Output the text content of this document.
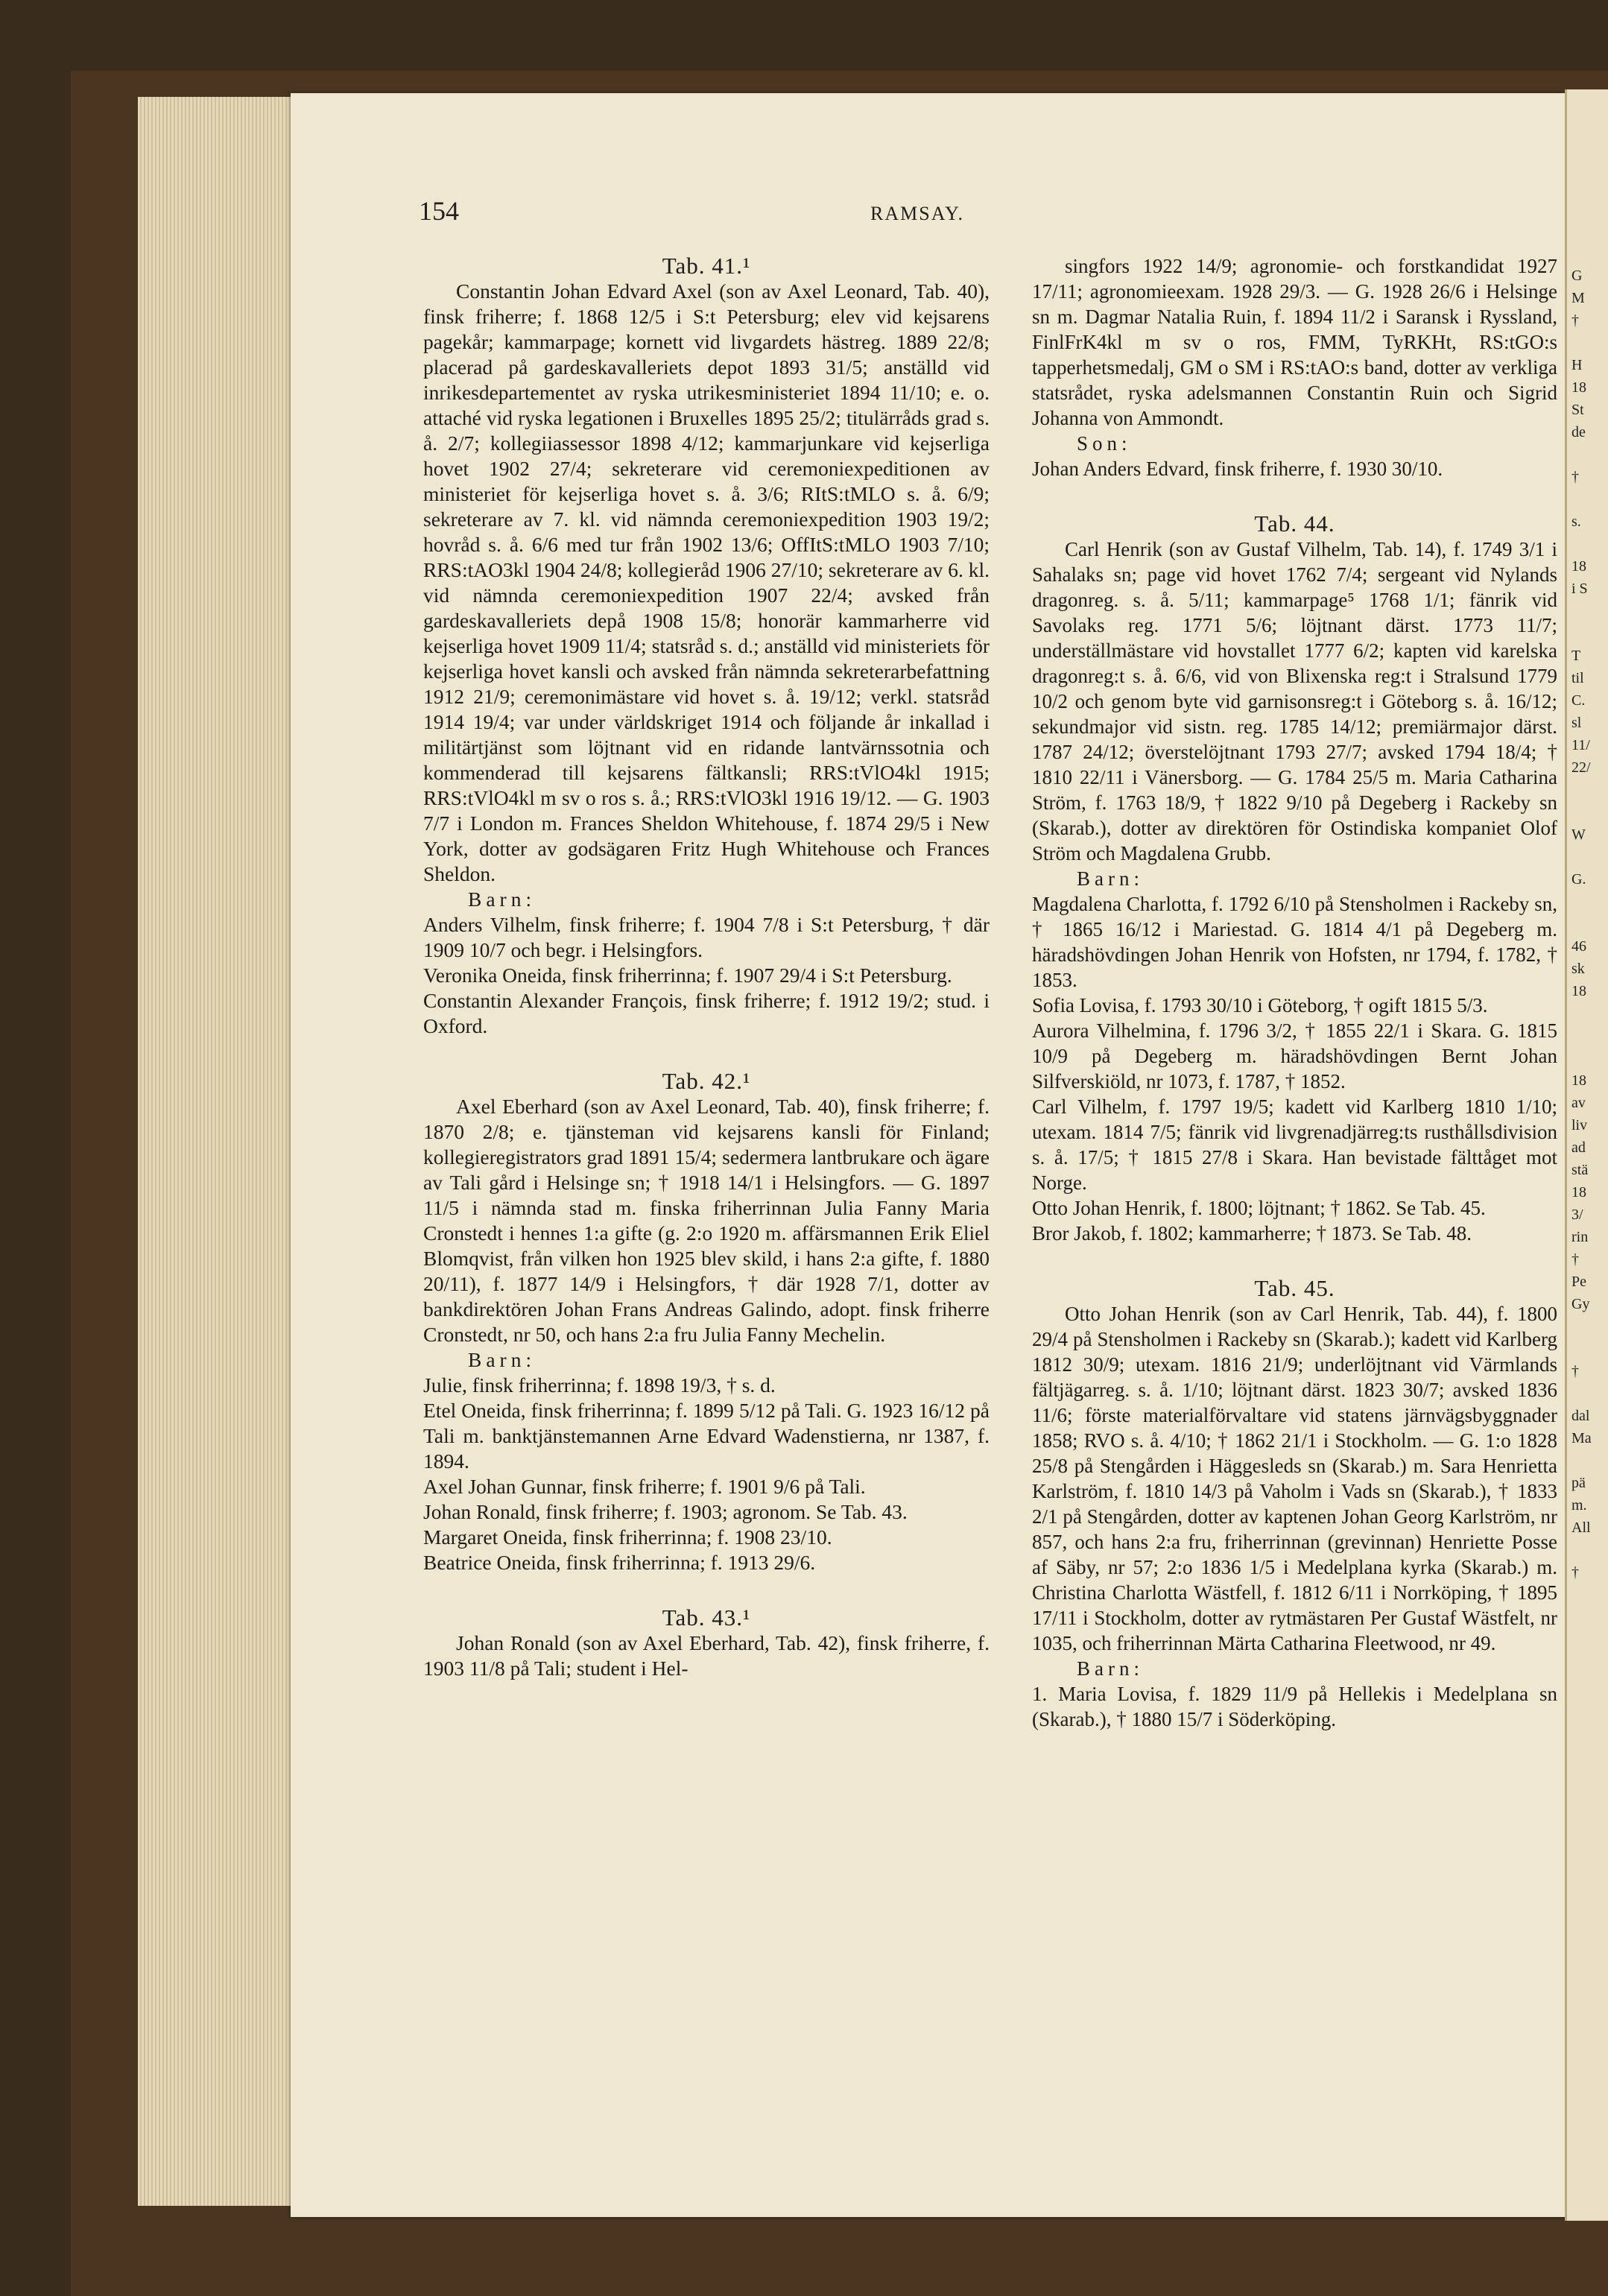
G
M
†

H
18
St
de

†

s.

18
i S

T
til
C.
sl
11/
22/

W

G.

46
sk
18

18
av
liv
ad
stä
18
3/
rin
†
Pe
Gy

†

dal
Ma

pä
m.
All

†
154	RAMSAY.

Tab. 41.¹

Constantin Johan Edvard Axel (son av Axel Leonard, Tab. 40), finsk friherre; f. 1868 12/5 i S:t Petersburg; elev vid kejsarens pagekår; kammarpage; kornett vid livgardets hästreg. 1889 22/8; placerad på gardeskavalleriets depot 1893 31/5; anställd vid inrikesdepartementet av ryska utrikesministeriet 1894 11/10; e. o. attaché vid ryska legationen i Bruxelles 1895 25/2; titulärråds grad s. å. 2/7; kollegiiassessor 1898 4/12; kammarjunkare vid kejserliga hovet 1902 27/4; sekreterare vid ceremoniexpeditionen av ministeriet för kejserliga hovet s. å. 3/6; RItS:tMLO s. å. 6/9; sekreterare av 7. kl. vid nämnda ceremoniexpedition 1903 19/2; hovråd s. å. 6/6 med tur från 1902 13/6; OffItS:tMLO 1903 7/10; RRS:tAO3kl 1904 24/8; kollegieråd 1906 27/10; sekreterare av 6. kl. vid nämnda ceremoniexpedition 1907 22/4; avsked från gardeskavalleriets depå 1908 15/8; honorär kammarherre vid kejserliga hovet 1909 11/4; statsråd s. d.; anställd vid ministeriets för kejserliga hovet kansli och avsked från nämnda sekreterarbefattning 1912 21/9; ceremonimästare vid hovet s. å. 19/12; verkl. statsråd 1914 19/4; var under världskriget 1914 och följande år inkallad i militärtjänst som löjtnant vid en ridande lantvärnssotnia och kommenderad till kejsarens fältkansli; RRS:tVlO4kl 1915; RRS:tVlO4kl m sv o ros s. å.; RRS:tVlO3kl 1916 19/12. — G. 1903 7/7 i London m. Frances Sheldon Whitehouse, f. 1874 29/5 i New York, dotter av godsägaren Fritz Hugh Whitehouse och Frances Sheldon.

Barn:

Anders Vilhelm, finsk friherre; f. 1904 7/8 i S:t Petersburg, † där 1909 10/7 och begr. i Helsingfors.

Veronika Oneida, finsk friherrinna; f. 1907 29/4 i S:t Petersburg.

Constantin Alexander François, finsk friherre; f. 1912 19/2; stud. i Oxford.

Tab. 42.¹

Axel Eberhard (son av Axel Leonard, Tab. 40), finsk friherre; f. 1870 2/8; e. tjänsteman vid kejsarens kansli för Finland; kollegieregistrators grad 1891 15/4; sedermera lantbrukare och ägare av Tali gård i Helsinge sn; † 1918 14/1 i Helsingfors. — G. 1897 11/5 i nämnda stad m. finska friherrinnan Julia Fanny Maria Cronstedt i hennes 1:a gifte (g. 2:o 1920 m. affärsmannen Erik Eliel Blomqvist, från vilken hon 1925 blev skild, i hans 2:a gifte, f. 1880 20/11), f. 1877 14/9 i Helsingfors, † där 1928 7/1, dotter av bankdirektören Johan Frans Andreas Galindo, adopt. finsk friherre Cronstedt, nr 50, och hans 2:a fru Julia Fanny Mechelin.

Barn:

Julie, finsk friherrinna; f. 1898 19/3, † s. d.

Etel Oneida, finsk friherrinna; f. 1899 5/12 på Tali. G. 1923 16/12 på Tali m. banktjänstemannen Arne Edvard Wadenstierna, nr 1387, f. 1894.

Axel Johan Gunnar, finsk friherre; f. 1901 9/6 på Tali.

Johan Ronald, finsk friherre; f. 1903; agronom. Se Tab. 43.

Margaret Oneida, finsk friherrinna; f. 1908 23/10.

Beatrice Oneida, finsk friherrinna; f. 1913 29/6.

Tab. 43.¹

Johan Ronald (son av Axel Eberhard, Tab. 42), finsk friherre, f. 1903 11/8 på Tali; student i Hel-

singfors 1922 14/9; agronomie- och forstkandidat 1927 17/11; agronomieexam. 1928 29/3. — G. 1928 26/6 i Helsinge sn m. Dagmar Natalia Ruin, f. 1894 11/2 i Saransk i Ryssland, FinlFrK4kl m sv o ros, FMM, TyRKHt, RS:tGO:s tapperhetsmedalj, GM o SM i RS:tAO:s band, dotter av verkliga statsrådet, ryska adelsmannen Constantin Ruin och Sigrid Johanna von Ammondt.

Son:

Johan Anders Edvard, finsk friherre, f. 1930 30/10.

Tab. 44.

Carl Henrik (son av Gustaf Vilhelm, Tab. 14), f. 1749 3/1 i Sahalaks sn; page vid hovet 1762 7/4; sergeant vid Nylands dragonreg. s. å. 5/11; kammarpage⁵ 1768 1/1; fänrik vid Savolaks reg. 1771 5/6; löjtnant därst. 1773 11/7; underställmästare vid hovstallet 1777 6/2; kapten vid karelska dragonreg:t s. å. 6/6, vid von Blixenska reg:t i Stralsund 1779 10/2 och genom byte vid garnisonsreg:t i Göteborg s. å. 16/12; sekundmajor vid sistn. reg. 1785 14/12; premiärmajor därst. 1787 24/12; överstelöjtnant 1793 27/7; avsked 1794 18/4; † 1810 22/11 i Vänersborg. — G. 1784 25/5 m. Maria Catharina Ström, f. 1763 18/9, † 1822 9/10 på Degeberg i Rackeby sn (Skarab.), dotter av direktören för Ostindiska kompaniet Olof Ström och Magdalena Grubb.

Barn:

Magdalena Charlotta, f. 1792 6/10 på Stensholmen i Rackeby sn, † 1865 16/12 i Mariestad. G. 1814 4/1 på Degeberg m. häradshövdingen Johan Henrik von Hofsten, nr 1794, f. 1782, † 1853.

Sofia Lovisa, f. 1793 30/10 i Göteborg, † ogift 1815 5/3.

Aurora Vilhelmina, f. 1796 3/2, † 1855 22/1 i Skara. G. 1815 10/9 på Degeberg m. häradshövdingen Bernt Johan Silfverskiöld, nr 1073, f. 1787, † 1852.

Carl Vilhelm, f. 1797 19/5; kadett vid Karlberg 1810 1/10; utexam. 1814 7/5; fänrik vid livgrenadjärreg:ts rusthållsdivision s. å. 17/5; † 1815 27/8 i Skara. Han bevistade fälttåget mot Norge.

Otto Johan Henrik, f. 1800; löjtnant; † 1862. Se Tab. 45.

Bror Jakob, f. 1802; kammarherre; † 1873. Se Tab. 48.

Tab. 45.

Otto Johan Henrik (son av Carl Henrik, Tab. 44), f. 1800 29/4 på Stensholmen i Rackeby sn (Skarab.); kadett vid Karlberg 1812 30/9; utexam. 1816 21/9; underlöjtnant vid Värmlands fältjägarreg. s. å. 1/10; löjtnant därst. 1823 30/7; avsked 1836 11/6; förste materialförvaltare vid statens järnvägsbyggnader 1858; RVO s. å. 4/10; † 1862 21/1 i Stockholm. — G. 1:o 1828 25/8 på Stengården i Häggesleds sn (Skarab.) m. Sara Henrietta Karlström, f. 1810 14/3 på Vaholm i Vads sn (Skarab.), † 1833 2/1 på Stengården, dotter av kaptenen Johan Georg Karlström, nr 857, och hans 2:a fru, friherrinnan (grevinnan) Henriette Posse af Säby, nr 57; 2:o 1836 1/5 i Medelplana kyrka (Skarab.) m. Christina Charlotta Wästfell, f. 1812 6/11 i Norrköping, † 1895 17/11 i Stockholm, dotter av rytmästaren Per Gustaf Wästfelt, nr 1035, och friherrinnan Märta Catharina Fleetwood, nr 49.

Barn:

1. Maria Lovisa, f. 1829 11/9 på Hellekis i Medelplana sn (Skarab.), † 1880 15/7 i Söderköping.
